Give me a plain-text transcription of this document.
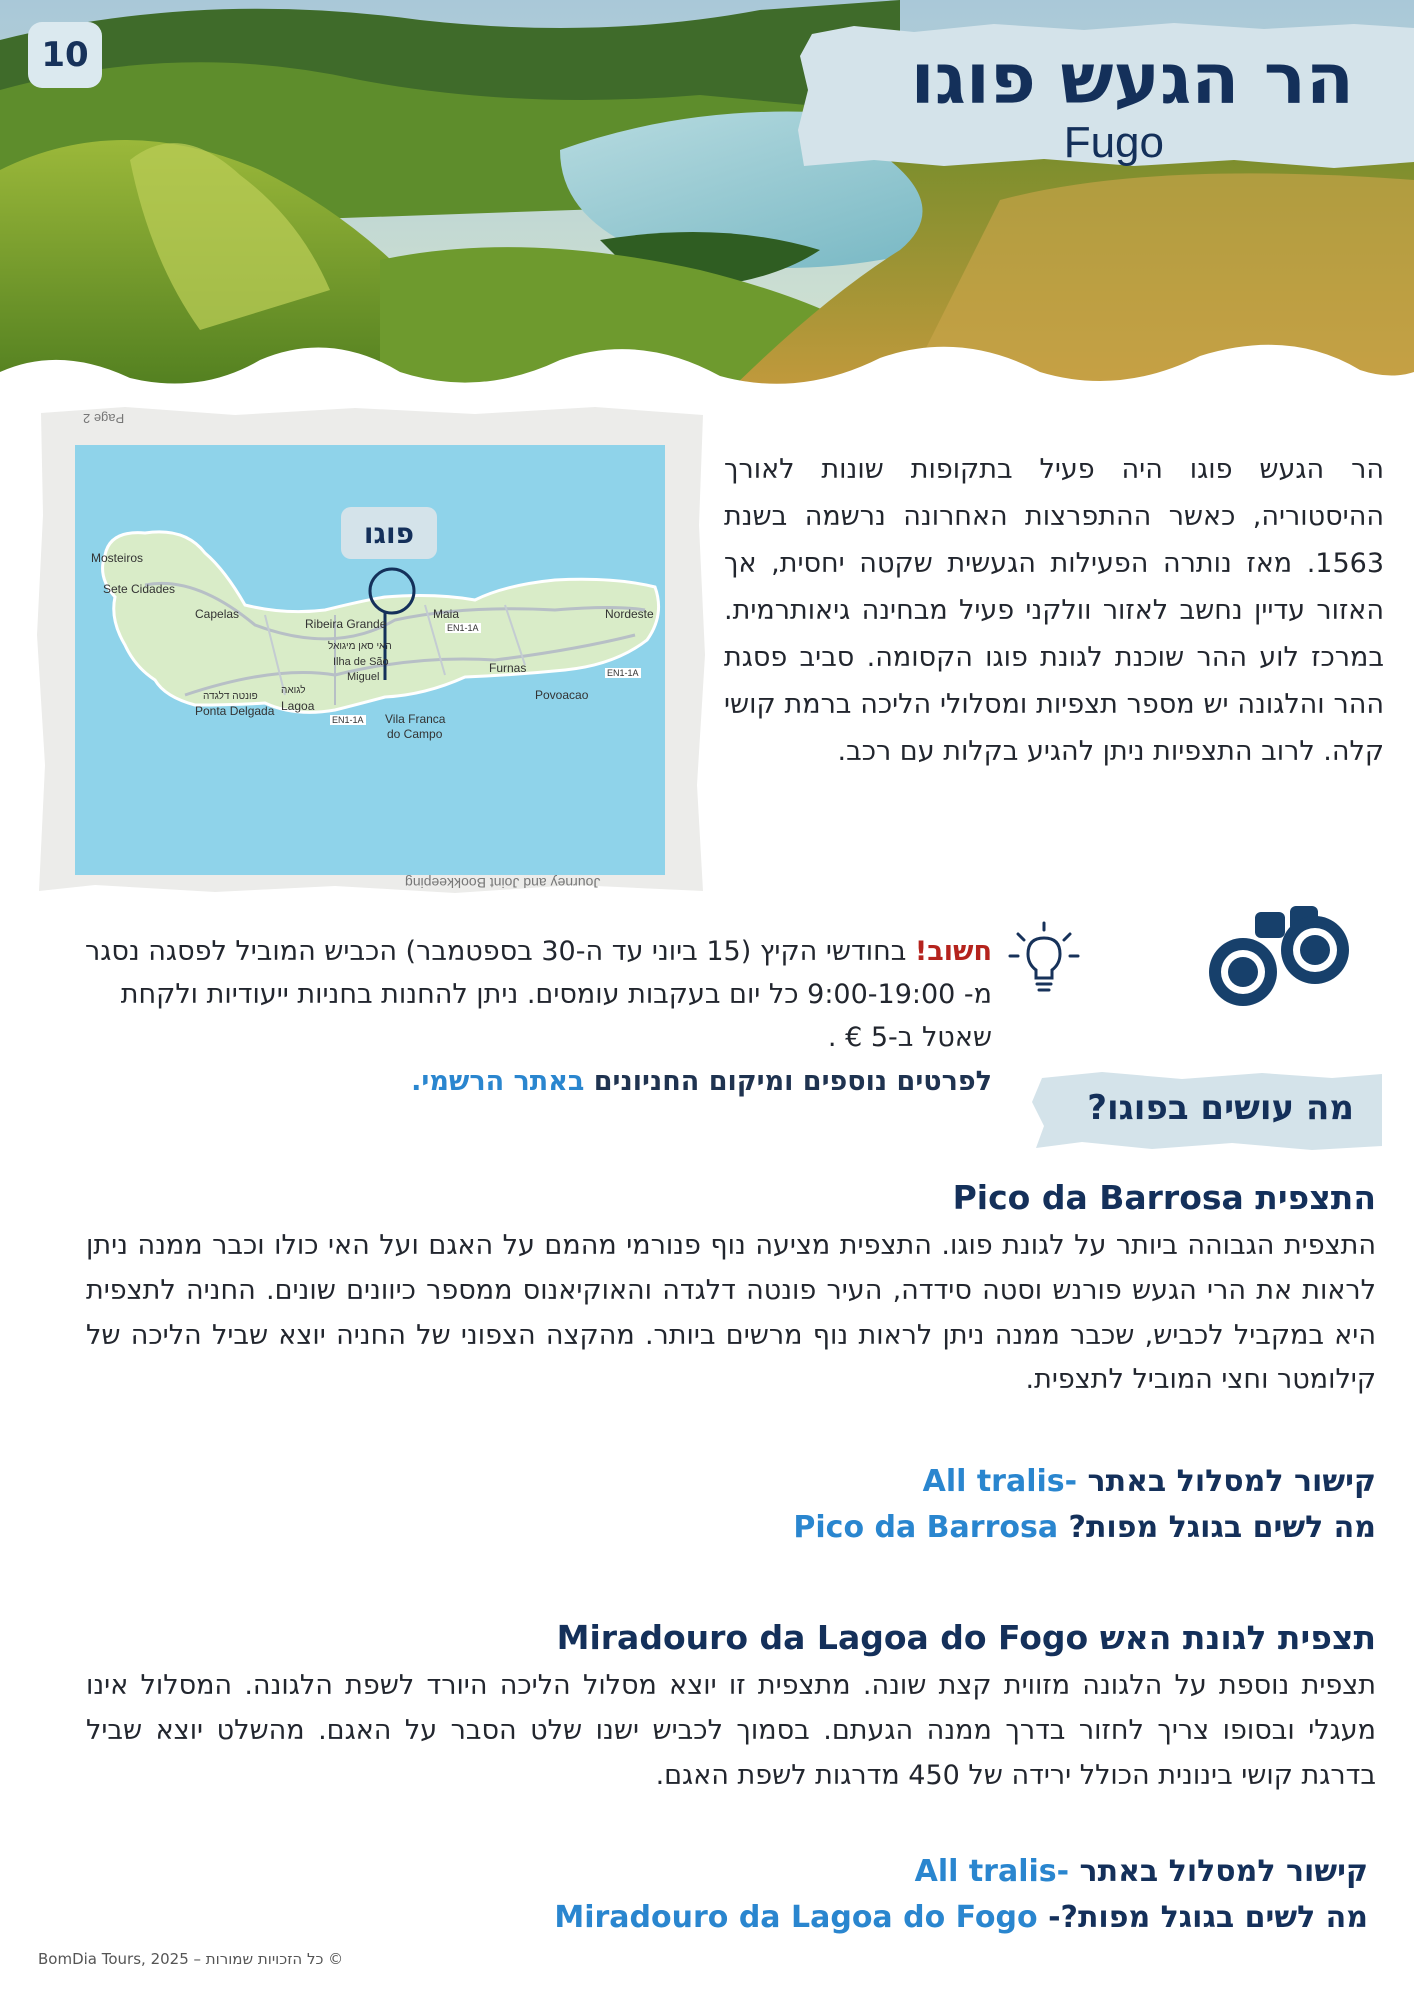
10	הר הגעש פוגו
Fugo
Page 2
פוגו
Mosteiros
Sete Cidades
Capelas
Ribeira Grande
Maia	Nordeste
EN1-1A
EN1-1A
EN1-1A
האי סאן מיגואל
Ilha de São
Miguel
Furnas
Povoacao
לגואה
Lagoa
פונטה דלגדה
Ponta Delgada
Vila Franca
do Campo
Journey and Joint Bookkeeping

הר הגעש פוגו היה פעיל בתקופות שונות לאורך ההיסטוריה, כאשר ההתפרצות האחרונה נרשמה בשנת 1563. מאז נותרה הפעילות הגעשית שקטה יחסית, אך האזור עדיין נחשב לאזור וולקני פעיל מבחינה גיאותרמית. במרכז לוע ההר שוכנת לגונת פוגו הקסומה. סביב פסגת ההר והלגונה יש מספר תצפיות ומסלולי הליכה ברמת קושי קלה. לרוב התצפיות ניתן להגיע בקלות עם רכב.

חשוב! בחודשי הקיץ (15 ביוני עד ה-30 בספטמבר) הכביש המוביל לפסגה נסגר מ- 9:00-19:00 כל יום בעקבות עומסים. ניתן להחנות בחניות ייעודיות ולקחת שאטל ב-5 € .

לפרטים נוספים ומיקום החניונים באתר הרשמי.

מה עושים בפוגו?
התצפית Pico da Barrosa

התצפית הגבוהה ביותר על לגונת פוגו. התצפית מציעה נוף פנורמי מהמם על האגם ועל האי כולו וכבר ממנה ניתן לראות את הרי הגעש פורנש וסטה סידדה, העיר פונטה דלגדה והאוקיאנוס ממספר כיוונים שונים. החניה לתצפית היא במקביל לכביש, שכבר ממנה ניתן לראות נוף מרשים ביותר. מהקצה הצפוני של החניה יוצא שביל הליכה של קילומטר וחצי המוביל לתצפית.

קישור למסלול באתר -All tralis
מה לשים בגוגל מפות? Pico da Barrosa
תצפית לגונת האש Miradouro da Lagoa do Fogo

תצפית נוספת על הלגונה מזווית קצת שונה. מתצפית זו יוצא מסלול הליכה היורד לשפת הלגונה. המסלול אינו מעגלי ובסופו צריך לחזור בדרך ממנה הגעתם. בסמוך לכביש ישנו שלט הסבר על האגם. מהשלט יוצא שביל בדרגת קושי בינונית הכולל ירידה של 450 מדרגות לשפת האגם.

קישור למסלול באתר -All tralis
מה לשים בגוגל מפות?- Miradouro da Lagoa do Fogo
© כל הזכויות שמורות – BomDia Tours, 2025
